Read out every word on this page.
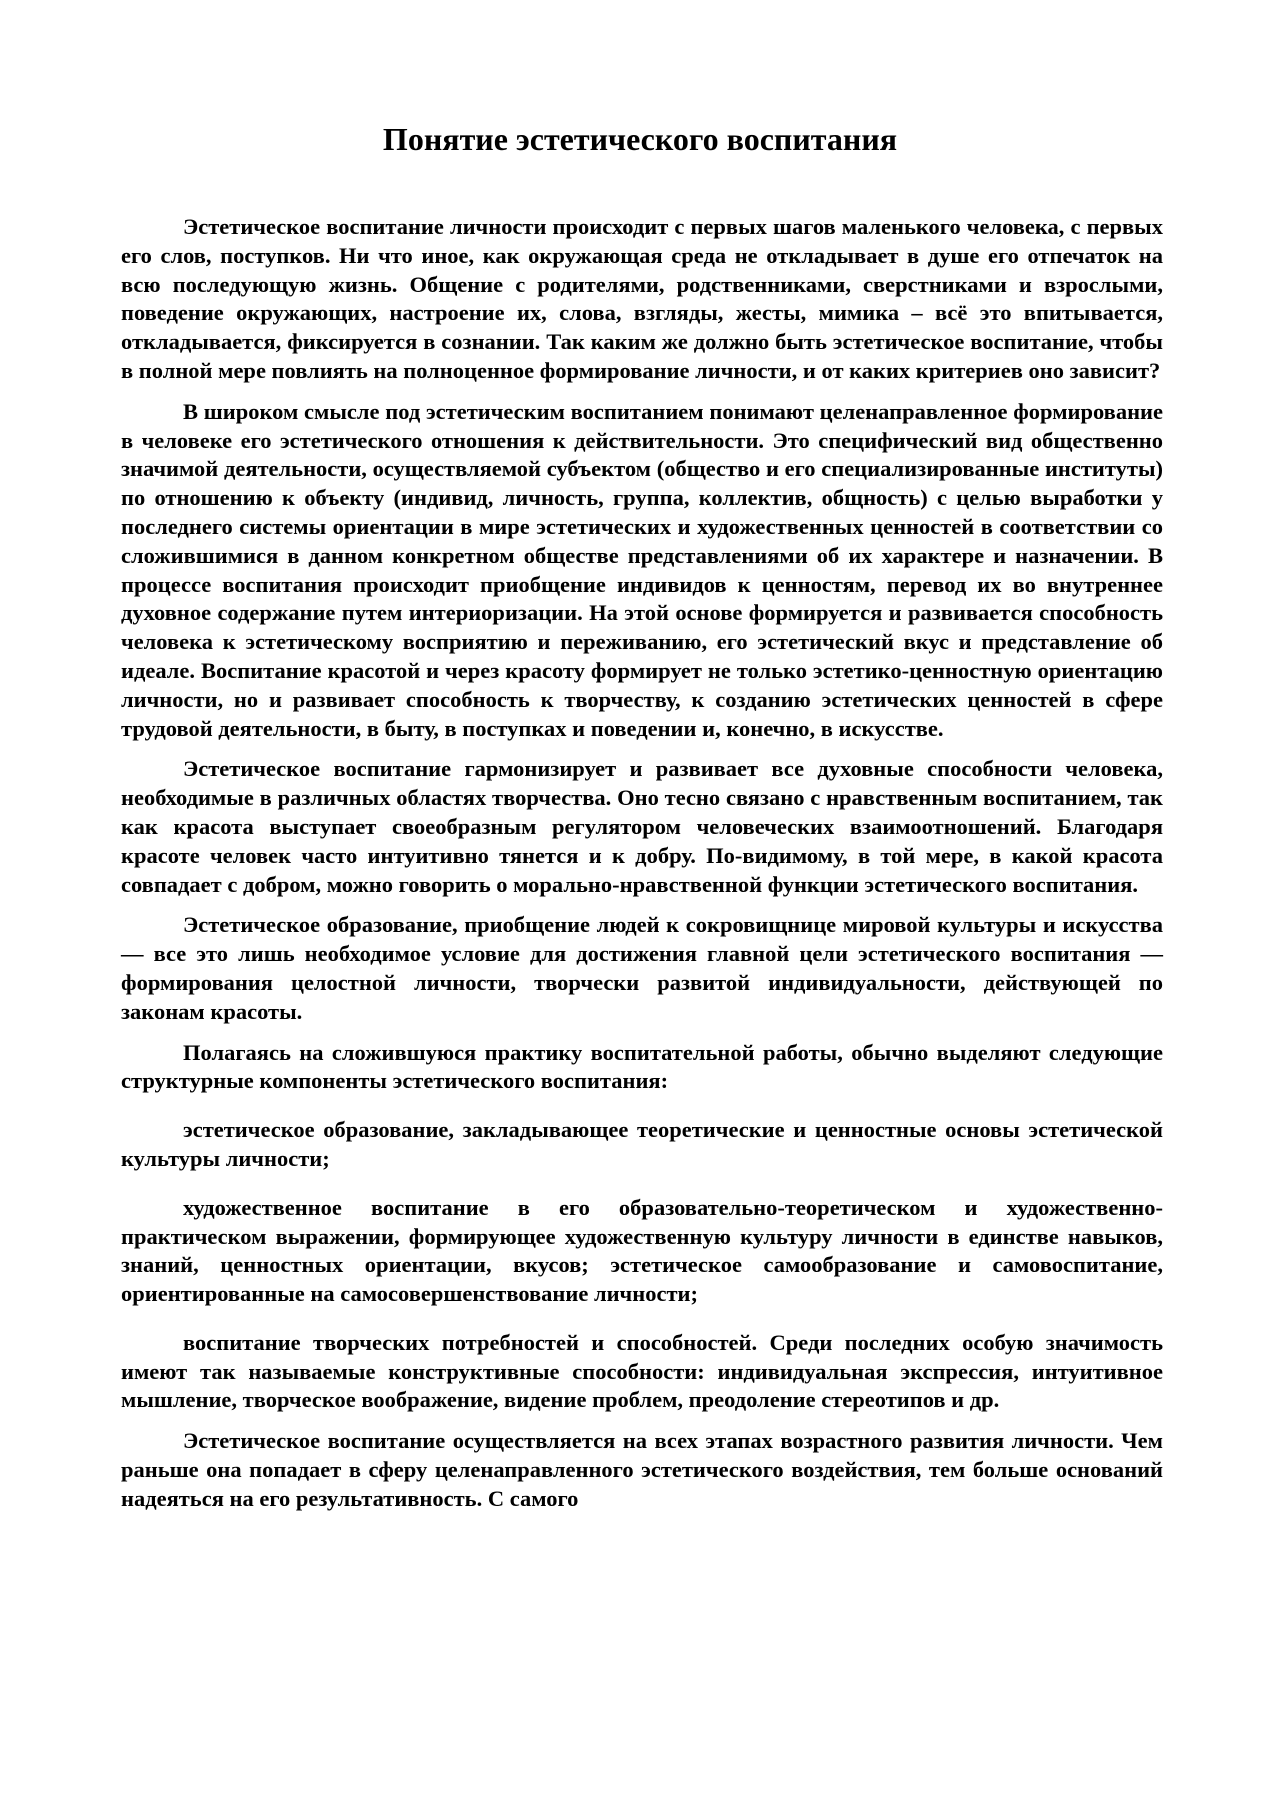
Понятие эстетического воспитания

Эстетическое воспитание личности происходит с первых шагов маленького человека, с первых его слов, поступков. Ни что иное, как окружающая среда не откладывает в душе его отпечаток на всю последующую жизнь. Общение с родителями, родственниками, сверстниками и взрослыми, поведение окружающих, настроение их, слова, взгляды, жесты, мимика – всё это впитывается, откладывается, фиксируется в сознании. Так каким же должно быть эстетическое воспитание, чтобы в полной мере повлиять на полноценное формирование личности, и от каких критериев оно зависит?

В широком смысле под эстетическим воспитанием понимают целенаправленное формирование в человеке его эстетического отношения к действительности. Это специфический вид общественно значимой деятельности, осуществляемой субъектом (общество и его специализированные институты) по отношению к объекту (индивид, личность, группа, коллектив, общность) с целью выработки у последнего системы ориентации в мире эстетических и художественных ценностей в соответствии со сложившимися в данном конкретном обществе представлениями об их характере и назначении. В процессе воспитания происходит приобщение индивидов к ценностям, перевод их во внутреннее духовное содержание путем интериоризации. На этой основе формируется и развивается способность человека к эстетическому восприятию и переживанию, его эстетический вкус и представление об идеале. Воспитание красотой и через красоту формирует не только эстетико-ценностную ориентацию личности, но и развивает способность к творчеству, к созданию эстетических ценностей в сфере трудовой деятельности, в быту, в поступках и поведении и, конечно, в искусстве.

Эстетическое воспитание гармонизирует и развивает все духовные способности человека, необходимые в различных областях творчества. Оно тесно связано с нравственным воспитанием, так как красота выступает своеобразным регулятором человеческих взаимоотношений. Благодаря красоте человек часто интуитивно тянется и к добру. По-видимому, в той мере, в какой красота совпадает с добром, можно говорить о морально-нравственной функции эстетического воспитания.

Эстетическое образование, приобщение людей к сокровищнице мировой культуры и искусства — все это лишь необходимое условие для достижения главной цели эстетического воспитания — формирования целостной личности, творчески развитой индивидуальности, действующей по законам красоты.

Полагаясь на сложившуюся практику воспитательной работы, обычно выделяют следующие структурные компоненты эстетического воспитания:

эстетическое образование, закладывающее теоретические и ценностные основы эстетической культуры личности;

художественное воспитание в его образовательно-теоретическом и художественно-практическом выражении, формирующее художественную культуру личности в единстве навыков, знаний, ценностных ориентации, вкусов; эстетическое самообразование и самовоспитание, ориентированные на самосовершенствование личности;

воспитание творческих потребностей и способностей. Среди последних особую значимость имеют так называемые конструктивные способности: индивидуальная экспрессия, интуитивное мышление, творческое воображение, видение проблем, преодоление стереотипов и др.

Эстетическое воспитание осуществляется на всех этапах возрастного развития личности. Чем раньше она попадает в сферу целенаправленного эстетического воздействия, тем больше оснований надеяться на его результативность. С самого
